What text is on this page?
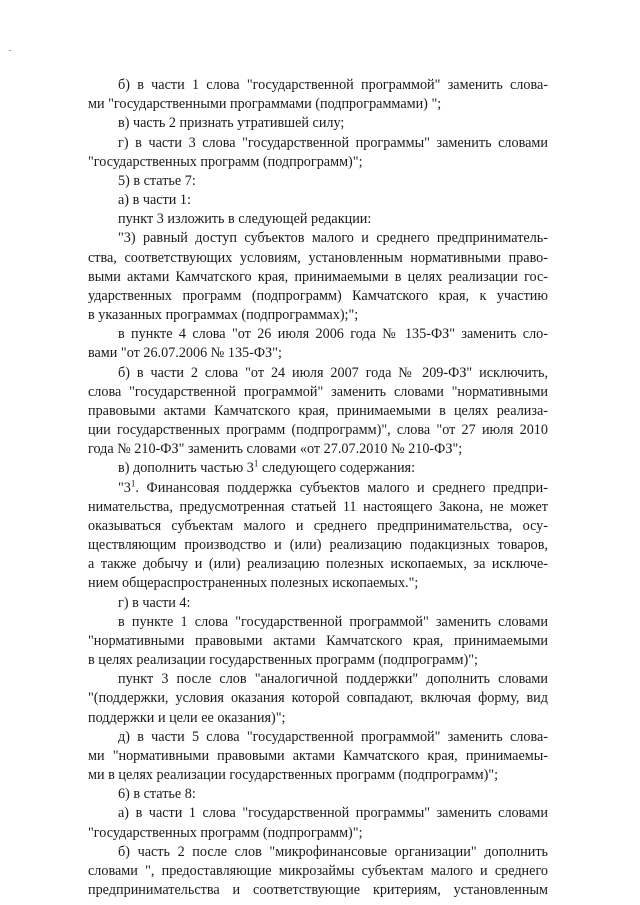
б) в части 1 слова "государственной программой" заменить слова-
ми "государственными программами (подпрограммами) ";
в) часть 2 признать утратившей силу;
г) в части 3 слова "государственной программы" заменить словами
"государственных программ (подпрограмм)";
5) в статье 7:
а) в части 1:
пункт 3 изложить в следующей редакции:
"3) равный доступ субъектов малого и среднего предприниматель-
ства, соответствующих условиям, установленным нормативными право-
выми актами Камчатского края, принимаемыми в целях реализации гос-
ударственных программ (подпрограмм) Камчатского края, к участию
в указанных программах (подпрограммах);";
в пункте 4 слова "от 26 июля 2006 года № 135-ФЗ" заменить сло-
вами "от 26.07.2006 № 135-ФЗ";
б) в части 2 слова "от 24 июля 2007 года № 209-ФЗ" исключить,
слова "государственной программой" заменить словами "нормативными
правовыми актами Камчатского края, принимаемыми в целях реализа-
ции государственных программ (подпрограмм)", слова "от 27 июля 2010
года № 210-ФЗ" заменить словами «от 27.07.2010 № 210-ФЗ";
в) дополнить частью $3^1$ следующего содержания:
"$3^1$. Финансовая поддержка субъектов малого и среднего предпри-
нимательства, предусмотренная статьей 11 настоящего Закона, не может
оказываться субъектам малого и среднего предпринимательства, осу-
ществляющим производство и (или) реализацию подакцизных товаров,
а также добычу и (или) реализацию полезных ископаемых, за исключе-
нием общераспространенных полезных ископаемых.";
г) в части 4:
в пункте 1 слова "государственной программой" заменить словами
"нормативными правовыми актами Камчатского края, принимаемыми
в целях реализации государственных программ (подпрограмм)";
пункт 3 после слов "аналогичной поддержки" дополнить словами
"(поддержки, условия оказания которой совпадают, включая форму, вид
поддержки и цели ее оказания)";
д) в части 5 слова "государственной программой" заменить слова-
ми "нормативными правовыми актами Камчатского края, принимаемы-
ми в целях реализации государственных программ (подпрограмм)";
6) в статье 8:
а) в части 1 слова "государственной программы" заменить словами
"государственных программ (подпрограмм)";
б) часть 2 после слов "микрофинансовые организации" дополнить
словами ", предоставляющие микрозаймы субъектам малого и среднего
предпринимательства и соответствующие критериям, установленным
